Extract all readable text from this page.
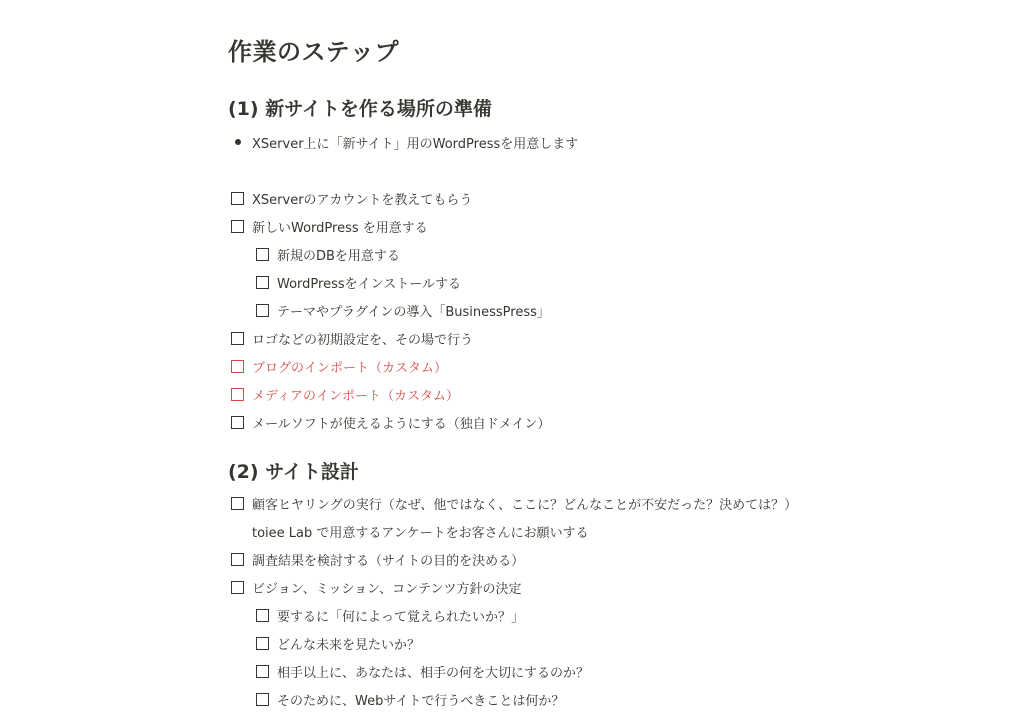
作業のステップ
(1) 新サイトを作る場所の準備
XServer上に「新サイト」用のWordPressを用意します
XServerのアカウントを教えてもらう
新しいWordPress を用意する
新規のDBを用意する
WordPressをインストールする
テーマやプラグインの導入「BusinessPress」
ロゴなどの初期設定を、その場で行う
ブログのインポート（カスタム）
メディアのインポート（カスタム）
メールソフトが使えるようにする（独自ドメイン）
(2) サイト設計
顧客ヒヤリングの実行（なぜ、他ではなく、ここに？どんなことが不安だった？決めては？）
toiee Lab で用意するアンケートをお客さんにお願いする
調査結果を検討する（サイトの目的を決める）
ビジョン、ミッション、コンテンツ方針の決定
要するに「何によって覚えられたいか？」
どんな未来を見たいか？
相手以上に、あなたは、相手の何を大切にするのか？
そのために、Webサイトで行うべきことは何か？
